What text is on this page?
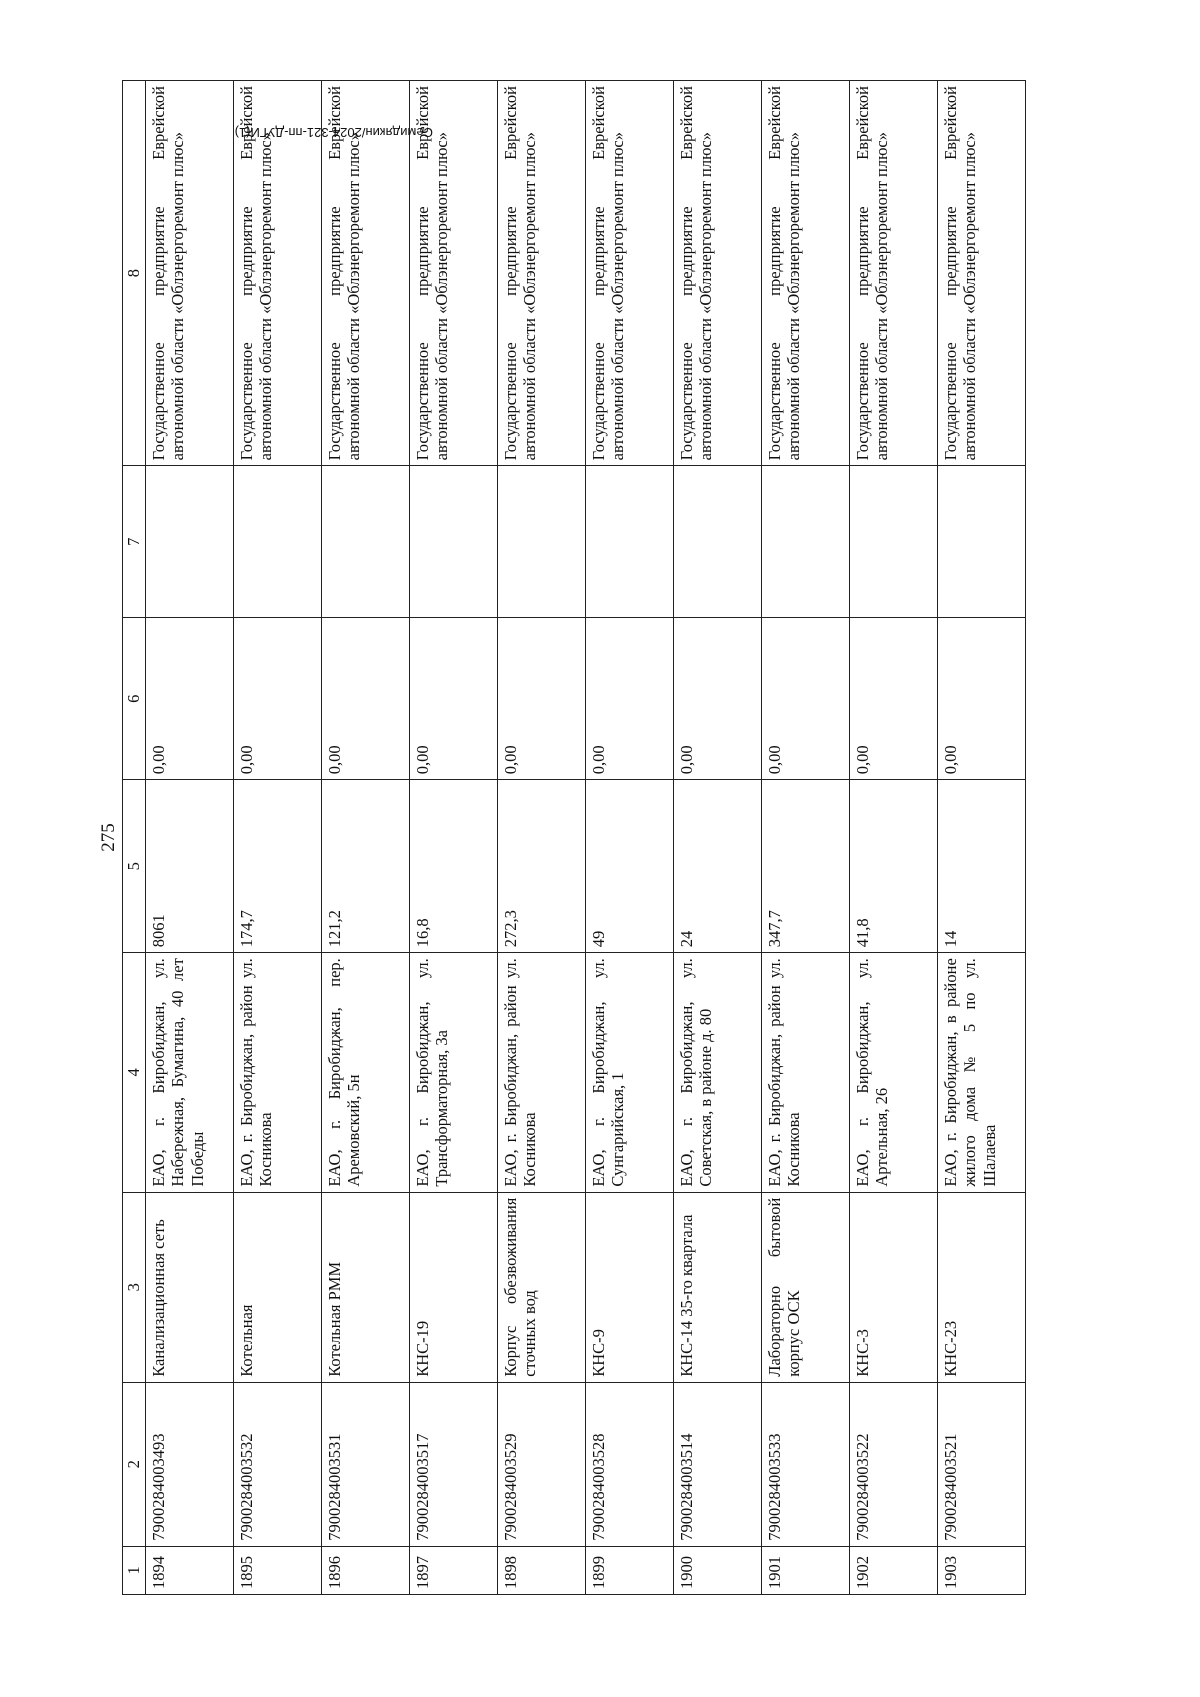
275
1	2	3	4	5	6	7	8
1894	79002840034​93	Канализационная сеть	ЕАО, г. Биробиджан, ул. Набережная, Бумагина, 40 лет Победы	8061	0,00		Государственное предприятие Еврейской автономной области «Облэнергоремонт плюс»
1895	79002840035​32	Котельная	ЕАО, г. Биробиджан, район ул. Косникова	174,7	0,00		Государственное предприятие Еврейской автономной области «Облэнергоремонт плюс»
1896	79002840035​31	Котельная РММ	ЕАО, г. Биробиджан, пер. Аремовский, 5н	121,2	0,00		Государственное предприятие Еврейской автономной области «Облэнергоремонт плюс»
1897	79002840035​17	КНС-19	ЕАО, г. Биробиджан, ул. Трансформаторная, 3а	16,8	0,00		Государственное предприятие Еврейской автономной области «Облэнергоремонт плюс»
1898	79002840035​29	Корпус обезвоживания сточных вод	ЕАО, г. Биробиджан, район ул. Косникова	272,3	0,00		Государственное предприятие Еврейской автономной области «Облэнергоремонт плюс»
1899	79002840035​28	КНС-9	ЕАО, г. Биробиджан, ул. Сунгарийская, 1	49	0,00		Государственное предприятие Еврейской автономной области «Облэнергоремонт плюс»
1900	79002840035​14	КНС-14 35-го квартала	ЕАО, г. Биробиджан, ул. Советская, в районе д. 80	24	0,00		Государственное предприятие Еврейской автономной области «Облэнергоремонт плюс»
1901	79002840035​33	Лабораторно бытовой корпус ОСК	ЕАО, г. Биробиджан, район ул. Косникова	347,7	0,00		Государственное предприятие Еврейской автономной области «Облэнергоремонт плюс»
1902	79002840035​22	КНС-3	ЕАО, г. Биробиджан, ул. Артельная, 26	41,8	0,00		Государственное предприятие Еврейской автономной области «Облэнергоремонт плюс»
1903	79002840035​21	КНС-23	ЕАО, г. Биробиджан, в районе жилого дома № 5 по ул. Шалаева	14	0,00		Государственное предприятие Еврейской автономной области «Облэнергоремонт плюс»
Семидякин/2024-321-пп-ДУГИ(1)
